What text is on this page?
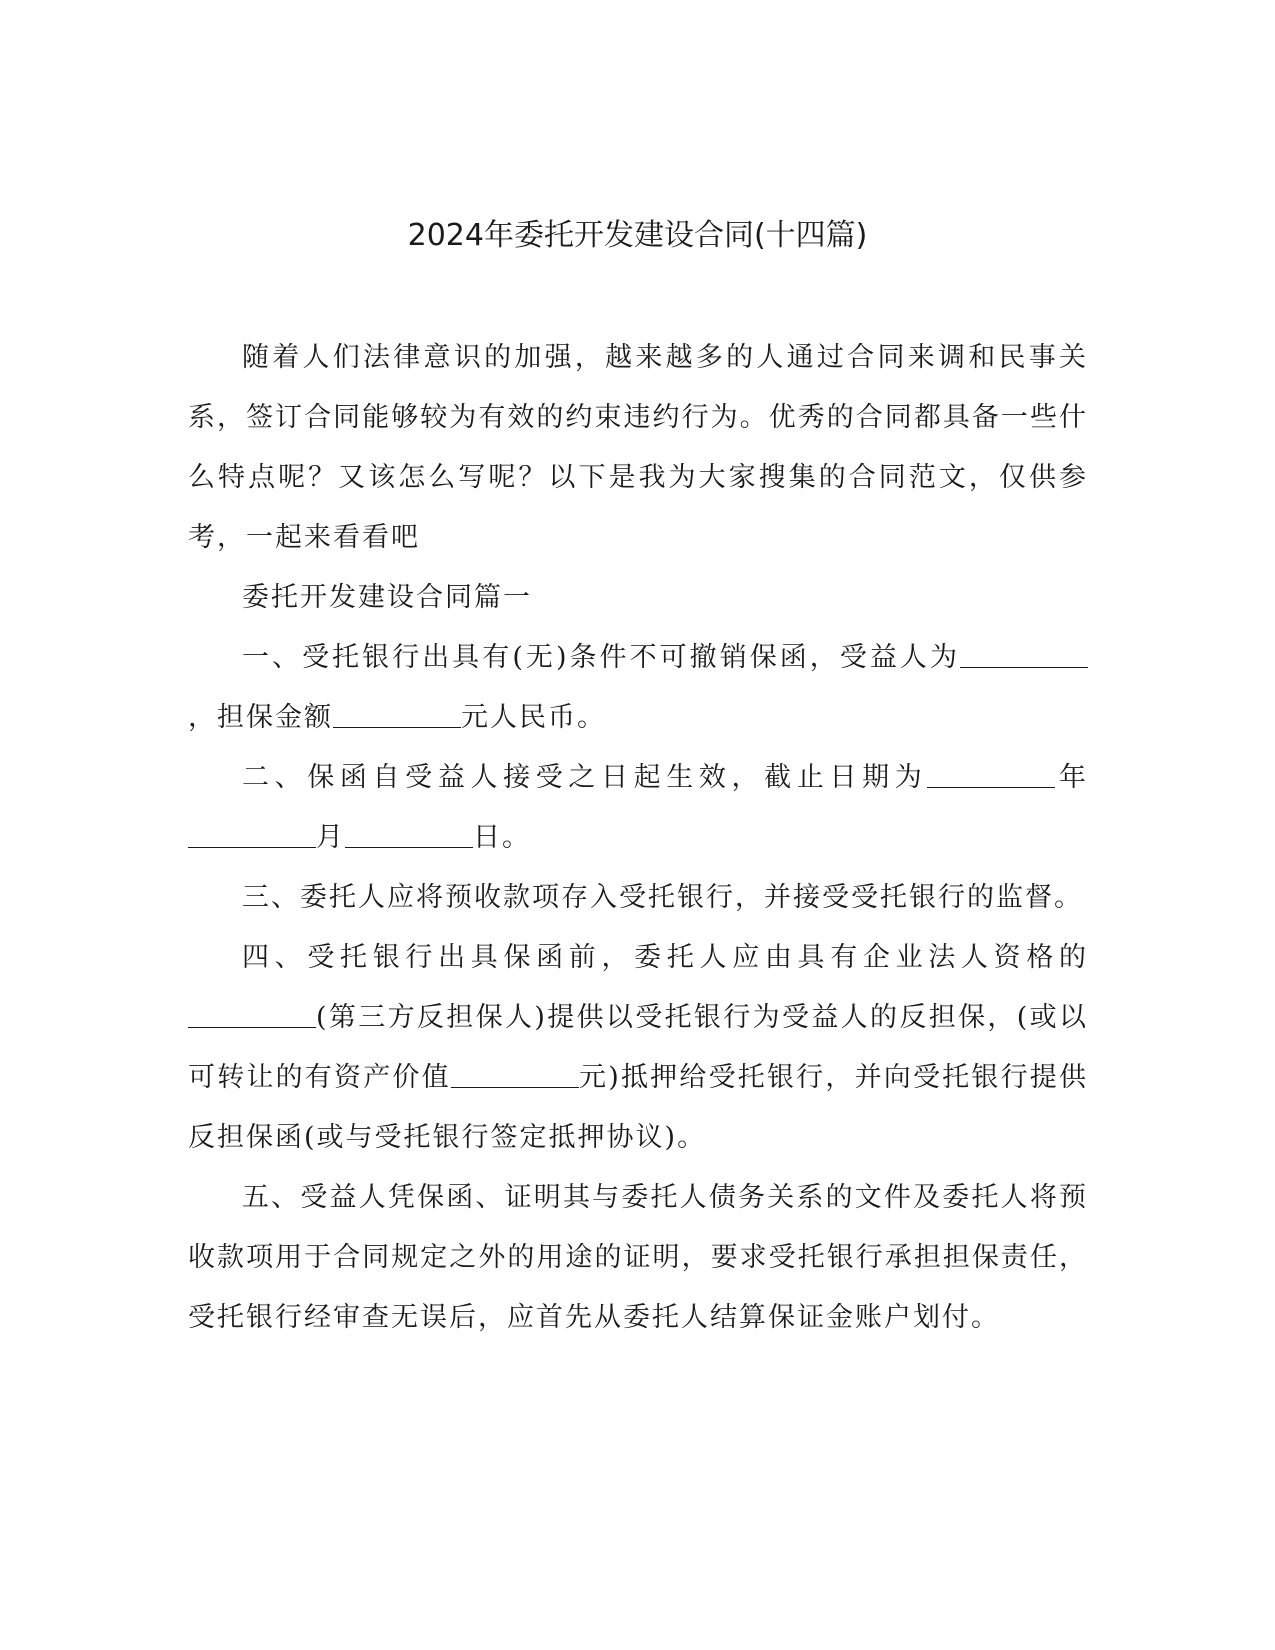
2024年委托开发建设合同(十四篇)

随着人们法律意识的加强，越来越多的人通过合同来调和民事关系，签订合同能够较为有效的约束违约行为。优秀的合同都具备一些什么特点呢？又该怎么写呢？以下是我为大家搜集的合同范文，仅供参考，一起来看看吧

委托开发建设合同篇一

一、受托银行出具有(无)条件不可撤销保函，受益人为，担保金额	元人民币。

二、保函自受益人接受之日起生效，截止日期为	年月	日。

三、委托人应将预收款项存入受托银行，并接受受托银行的监督。

四、受托银行出具保函前，委托人应由具有企业法人资格的(第三方反担保人)提供以受托银行为受益人的反担保，(或以可转让的有资产价值	元)抵押给受托银行，并向受托银行提供反担保函(或与受托银行签定抵押协议)。

五、受益人凭保函、证明其与委托人债务关系的文件及委托人将预收款项用于合同规定之外的用途的证明，要求受托银行承担担保责任，受托银行经审查无误后，应首先从委托人结算保证金账户划付。
